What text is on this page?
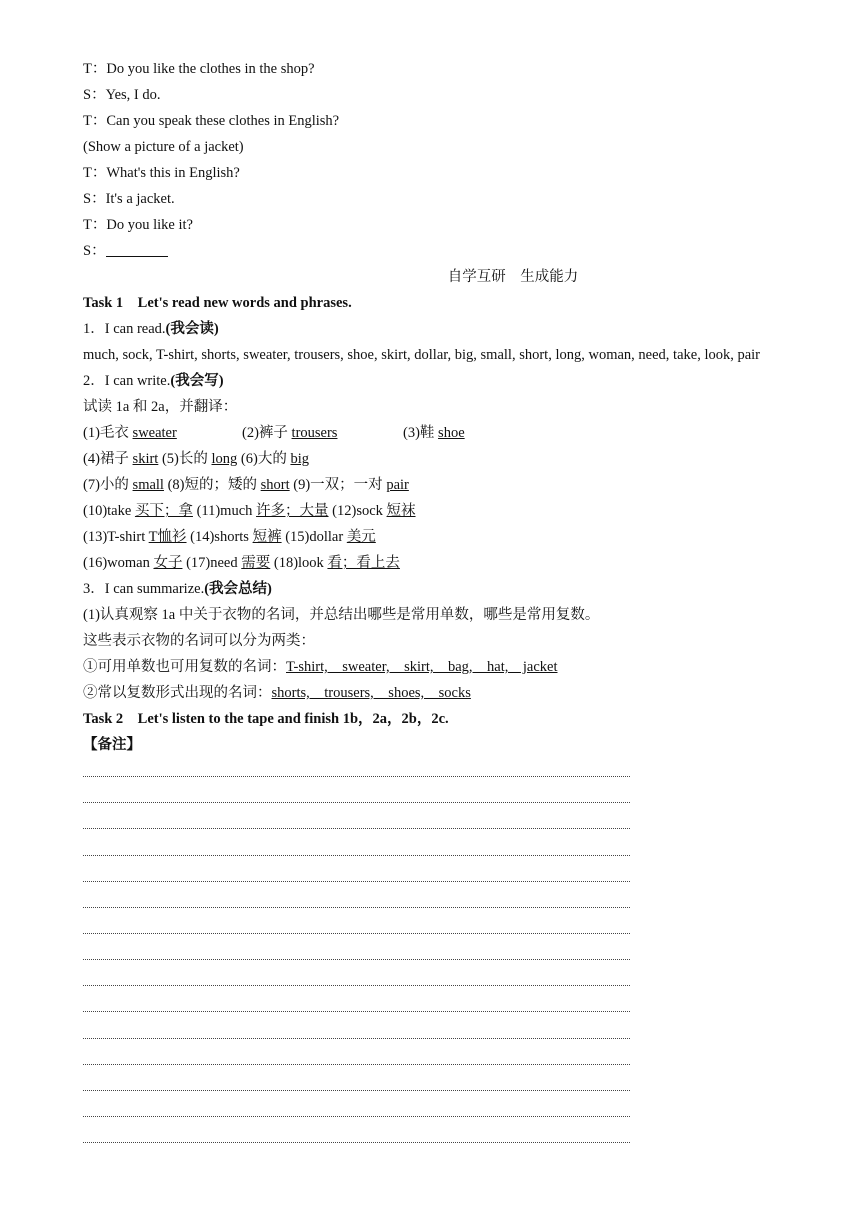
T：Do you like the clothes in the shop?
S：Yes, I do.
T：Can you speak these clothes in English?
(Show a picture of a jacket)
T：What's this in English?
S：It's a jacket.
T：Do you like it?
S：
自学互研　生成能力
Task 1　Let's read new words and phrases.
1．I can read.(我会读)
much, sock, T-shirt, shorts, sweater, trousers, shoe, skirt, dollar, big, small, short, long, woman, need, take, look, pair
2．I can write.(我会写)
试读 1a 和 2a，并翻译：
(1)毛衣 sweater	(2)裤子 trousers	(3)鞋 shoe
(4)裙子 skirt (5)长的 long (6)大的 big
(7)小的 small (8)短的；矮的 short (9)一双；一对 pair
(10)take 买下；拿 (11)much 许多；大量 (12)sock 短袜
(13)T-shirt T恤衫 (14)shorts 短裤 (15)dollar 美元
(16)woman 女子 (17)need 需要 (18)look 看；看上去
3．I can summarize.(我会总结)
(1)认真观察 1a 中关于衣物的名词，并总结出哪些是常用单数，哪些是常用复数。
这些表示衣物的名词可以分为两类：
①可用单数也可用复数的名词：T-shirt,　sweater,　skirt,　bag,　hat,　jacket
②常以复数形式出现的名词：shorts,　trousers,　shoes,　socks
Task 2　Let's listen to the tape and finish 1b，2a，2b，2c.
【备注】
